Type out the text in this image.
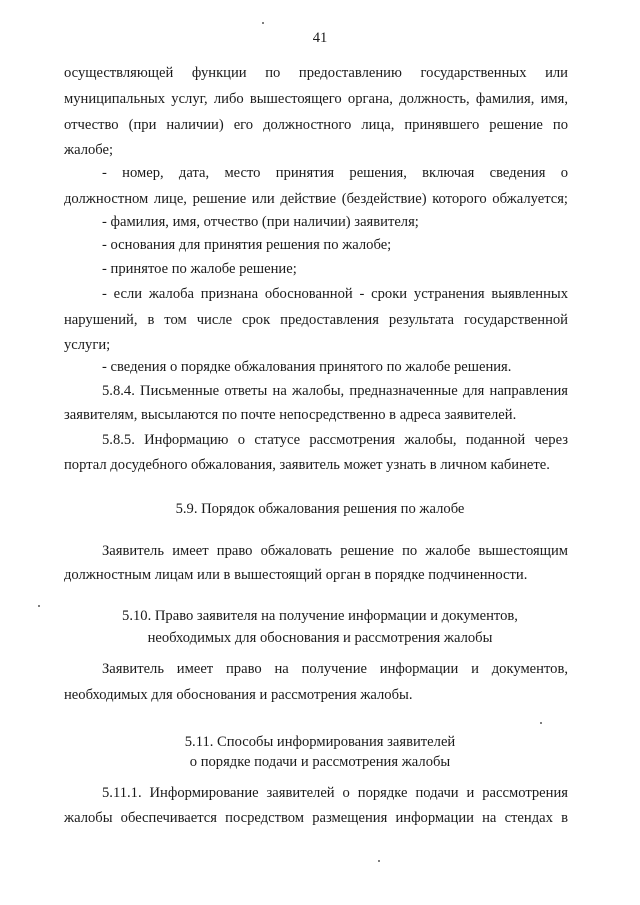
41
осуществляющей функции по предоставлению государственных или
муниципальных услуг, либо вышестоящего органа, должность, фамилия, имя,
отчество (при наличии) его должностного лица, принявшего решение по
жалобе;
- номер, дата, место принятия решения, включая сведения о
должностном лице, решение или действие (бездействие) которого обжалуется;
- фамилия, имя, отчество (при наличии) заявителя;
- основания для принятия решения по жалобе;
- принятое по жалобе решение;
- если жалоба признана обоснованной - сроки устранения выявленных
нарушений, в том числе срок предоставления результата государственной
услуги;
- сведения о порядке обжалования принятого по жалобе решения.
5.8.4. Письменные ответы на жалобы, предназначенные для направления
заявителям, высылаются по почте непосредственно в адреса заявителей.
5.8.5. Информацию о статусе рассмотрения жалобы, поданной через
портал досудебного обжалования, заявитель может узнать в личном кабинете.
5.9. Порядок обжалования решения по жалобе
Заявитель имеет право обжаловать решение по жалобе вышестоящим
должностным лицам или в вышестоящий орган в порядке подчиненности.
5.10. Право заявителя на получение информации и документов,
необходимых для обоснования и рассмотрения жалобы
Заявитель имеет право на получение информации и документов,
необходимых для обоснования и рассмотрения жалобы.
5.11. Способы информирования заявителей
о порядке подачи и рассмотрения жалобы
5.11.1. Информирование заявителей о порядке подачи и рассмотрения
жалобы обеспечивается посредством размещения информации на стендах в
